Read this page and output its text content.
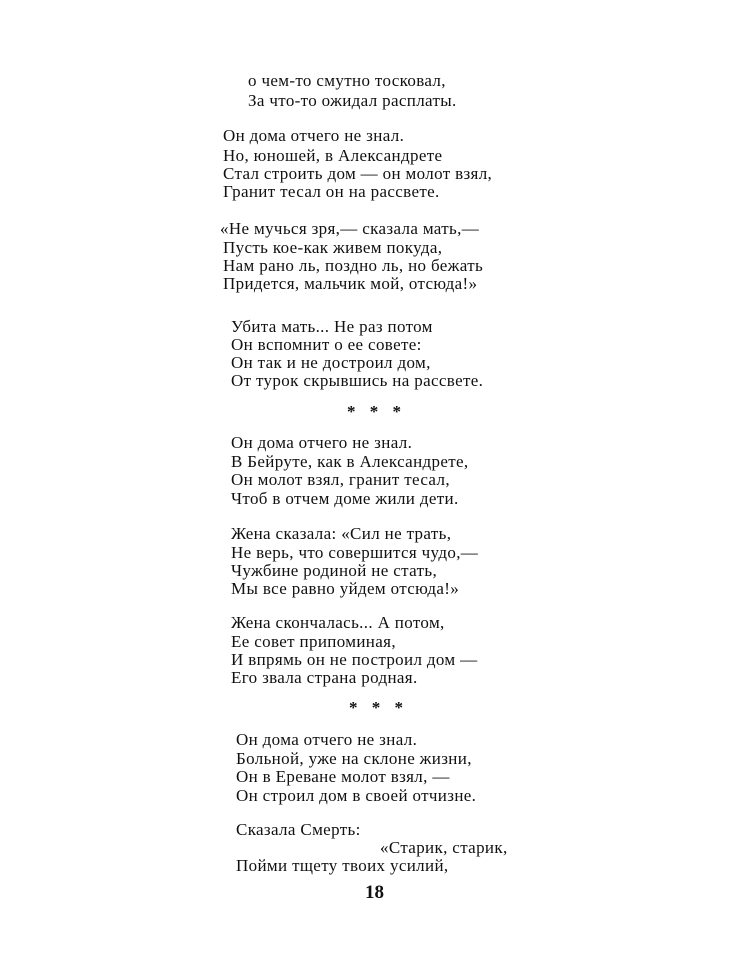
о чем-то смутно тосковал,
За что-то ожидал расплаты.
Он дома отчего не знал.
Но, юношей, в Александрете
Стал строить дом — он молот взял,
Гранит тесал он на рассвете.
«Не мучься зря,— сказала мать,—
Пусть кое-как живем покуда,
Нам рано ль, поздно ль, но бежать
Придется, мальчик мой, отсюда!»
Убита мать... Не раз потом
Он вспомнит о ее совете:
Он так и не достроил дом,
От турок скрывшись на рассвете.
* * *
Он дома отчего не знал.
В Бейруте, как в Александрете,
Он молот взял, гранит тесал,
Чтоб в отчем доме жили дети.
Жена сказала: «Сил не трать,
Не верь, что совершится чудо,—
Чужбине родиной не стать,
Мы все равно уйдем отсюда!»
Жена скончалась... А потом,
Ее совет припоминая,
И впрямь он не построил дом —
Его звала страна родная.
* * *
Он дома отчего не знал.
Больной, уже на склоне жизни,
Он в Ереване молот взял, —
Он строил дом в своей отчизне.
Сказала Смерть:
«Старик, старик,
Пойми тщету твоих усилий,
18
